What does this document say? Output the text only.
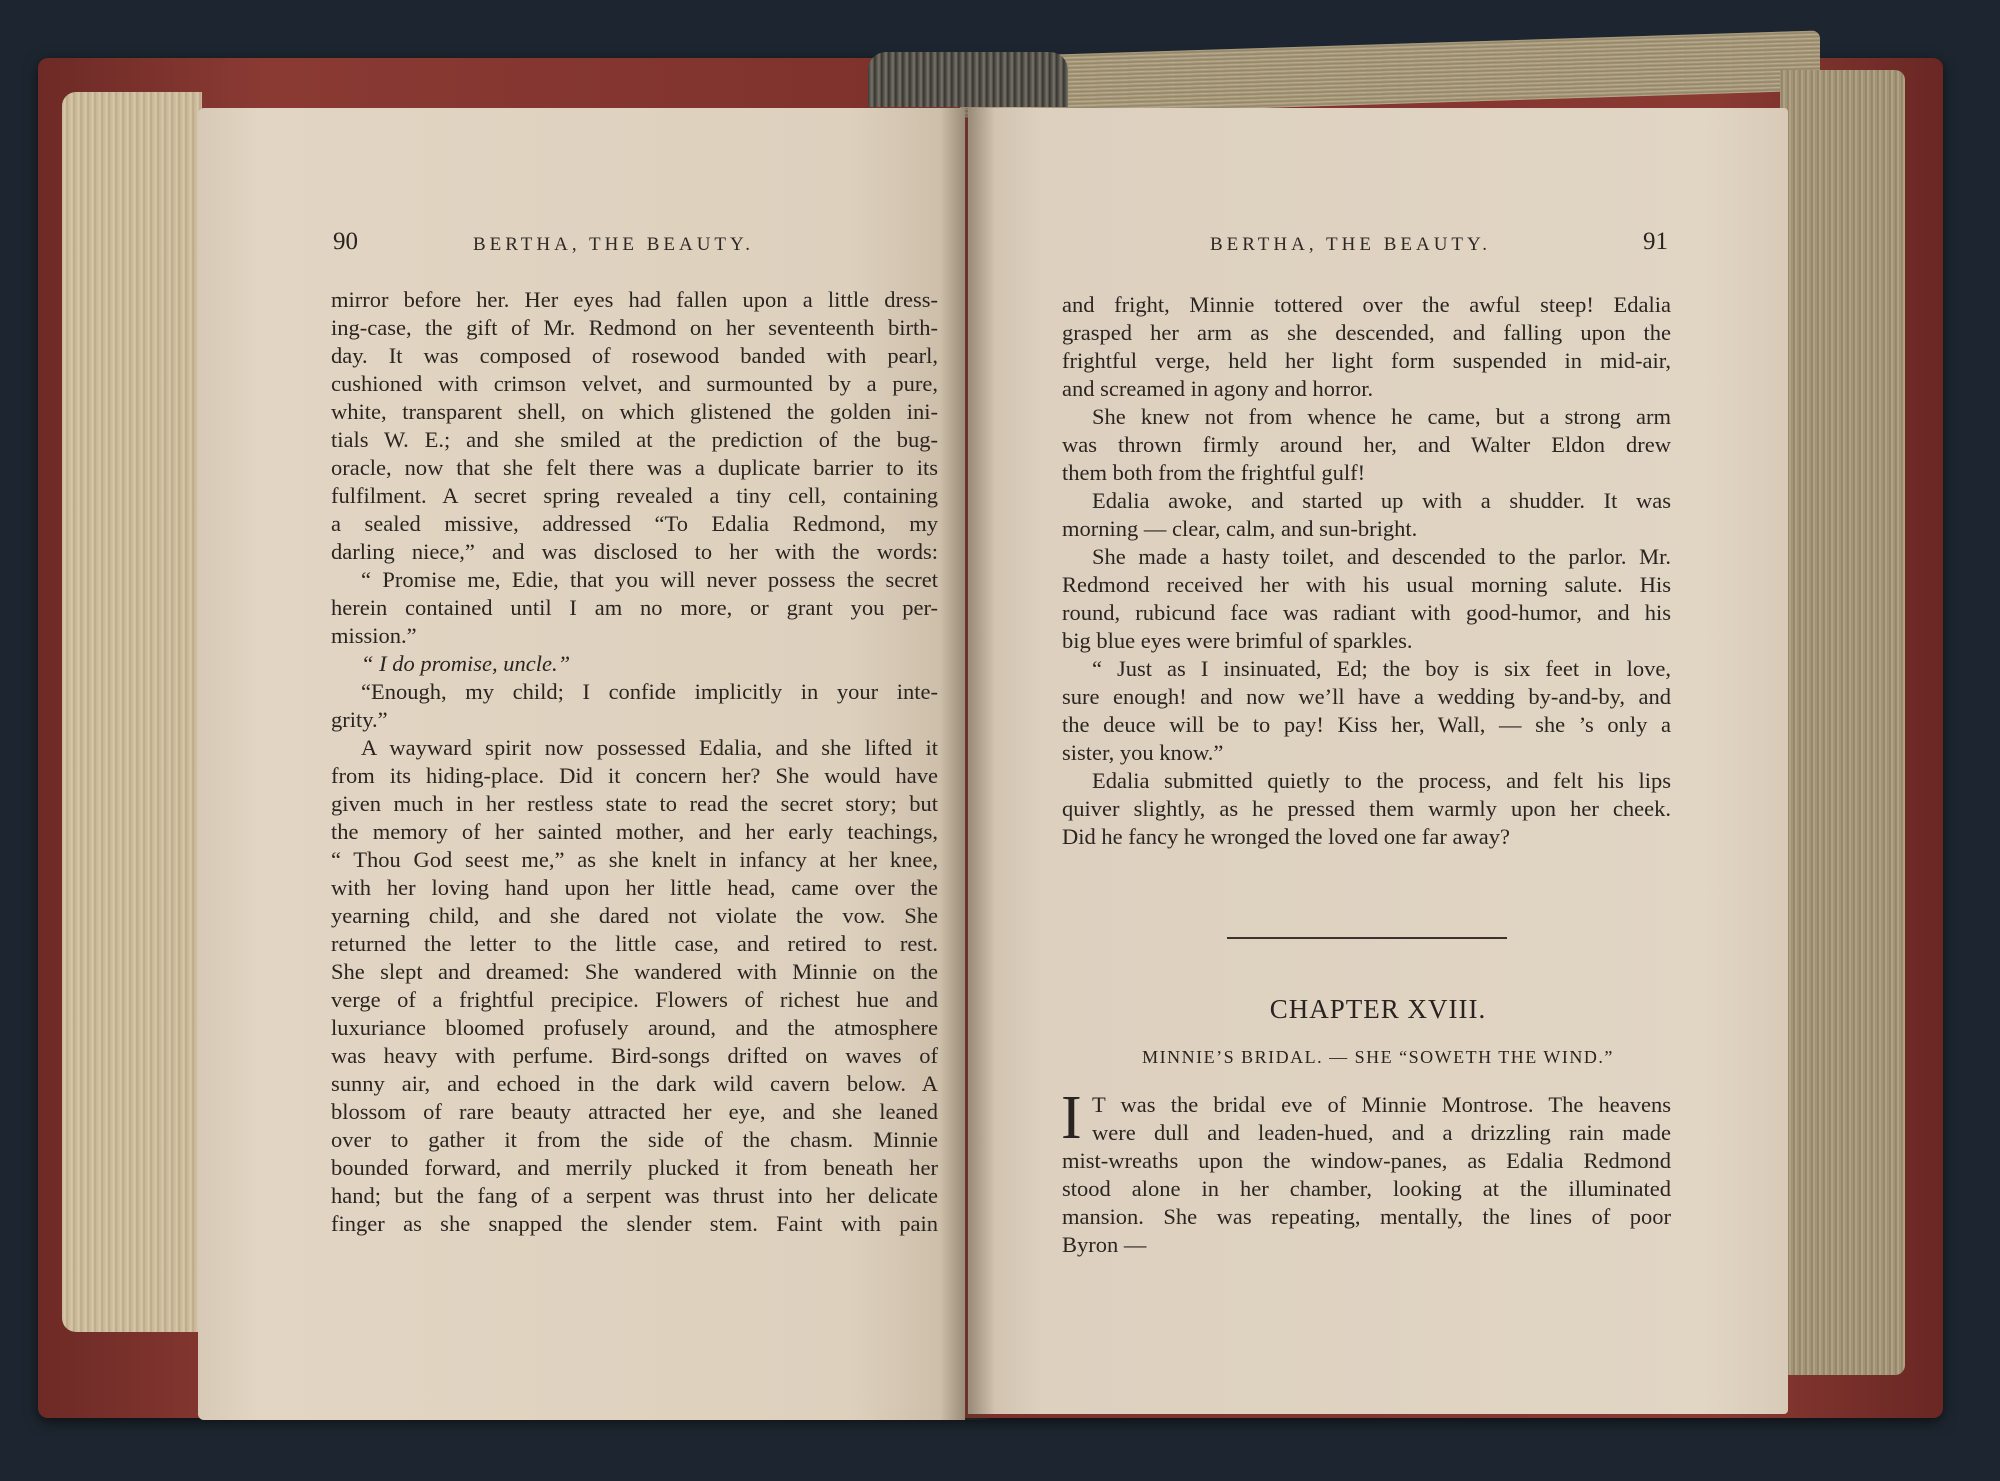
90	BERTHA, THE BEAUTY.
mirror before her. Her eyes had fallen upon a little dress-
ing-case, the gift of Mr. Redmond on her seventeenth birth-
day. It was composed of rosewood banded with pearl,
cushioned with crimson velvet, and surmounted by a pure,
white, transparent shell, on which glistened the golden ini-
tials W. E.; and she smiled at the prediction of the bug-
oracle, now that she felt there was a duplicate barrier to its
fulfilment. A secret spring revealed a tiny cell, containing
a sealed missive, addressed “To Edalia Redmond, my
darling niece,” and was disclosed to her with the words:
“ Promise me, Edie, that you will never possess the secret
herein contained until I am no more, or grant you per-
mission.”
“ I do promise, uncle.”
“Enough, my child; I confide implicitly in your inte-
grity.”
A wayward spirit now possessed Edalia, and she lifted it
from its hiding-place. Did it concern her? She would have
given much in her restless state to read the secret story; but
the memory of her sainted mother, and her early teachings,
“ Thou God seest me,” as she knelt in infancy at her knee,
with her loving hand upon her little head, came over the
yearning child, and she dared not violate the vow. She
returned the letter to the little case, and retired to rest.
She slept and dreamed: She wandered with Minnie on the
verge of a frightful precipice. Flowers of richest hue and
luxuriance bloomed profusely around, and the atmosphere
was heavy with perfume. Bird-songs drifted on waves of
sunny air, and echoed in the dark wild cavern below. A
blossom of rare beauty attracted her eye, and she leaned
over to gather it from the side of the chasm. Minnie
bounded forward, and merrily plucked it from beneath her
hand; but the fang of a serpent was thrust into her delicate
finger as she snapped the slender stem. Faint with pain
BERTHA, THE BEAUTY.	91
and fright, Minnie tottered over the awful steep! Edalia
grasped her arm as she descended, and falling upon the
frightful verge, held her light form suspended in mid-air,
and screamed in agony and horror.
She knew not from whence he came, but a strong arm
was thrown firmly around her, and Walter Eldon drew
them both from the frightful gulf!
Edalia awoke, and started up with a shudder. It was
morning — clear, calm, and sun-bright.
She made a hasty toilet, and descended to the parlor. Mr.
Redmond received her with his usual morning salute. His
round, rubicund face was radiant with good-humor, and his
big blue eyes were brimful of sparkles.
“ Just as I insinuated, Ed; the boy is six feet in love,
sure enough! and now we’ll have a wedding by-and-by, and
the deuce will be to pay! Kiss her, Wall, — she ’s only a
sister, you know.”
Edalia submitted quietly to the process, and felt his lips
quiver slightly, as he pressed them warmly upon her cheek.
Did he fancy he wronged the loved one far away?
CHAPTER XVIII.
MINNIE’S BRIDAL. — SHE “SOWETH THE WIND.”
I T was the bridal eve of Minnie Montrose. The heavens
were dull and leaden-hued, and a drizzling rain made
mist-wreaths upon the window-panes, as Edalia Redmond
stood alone in her chamber, looking at the illuminated
mansion. She was repeating, mentally, the lines of poor
Byron —
